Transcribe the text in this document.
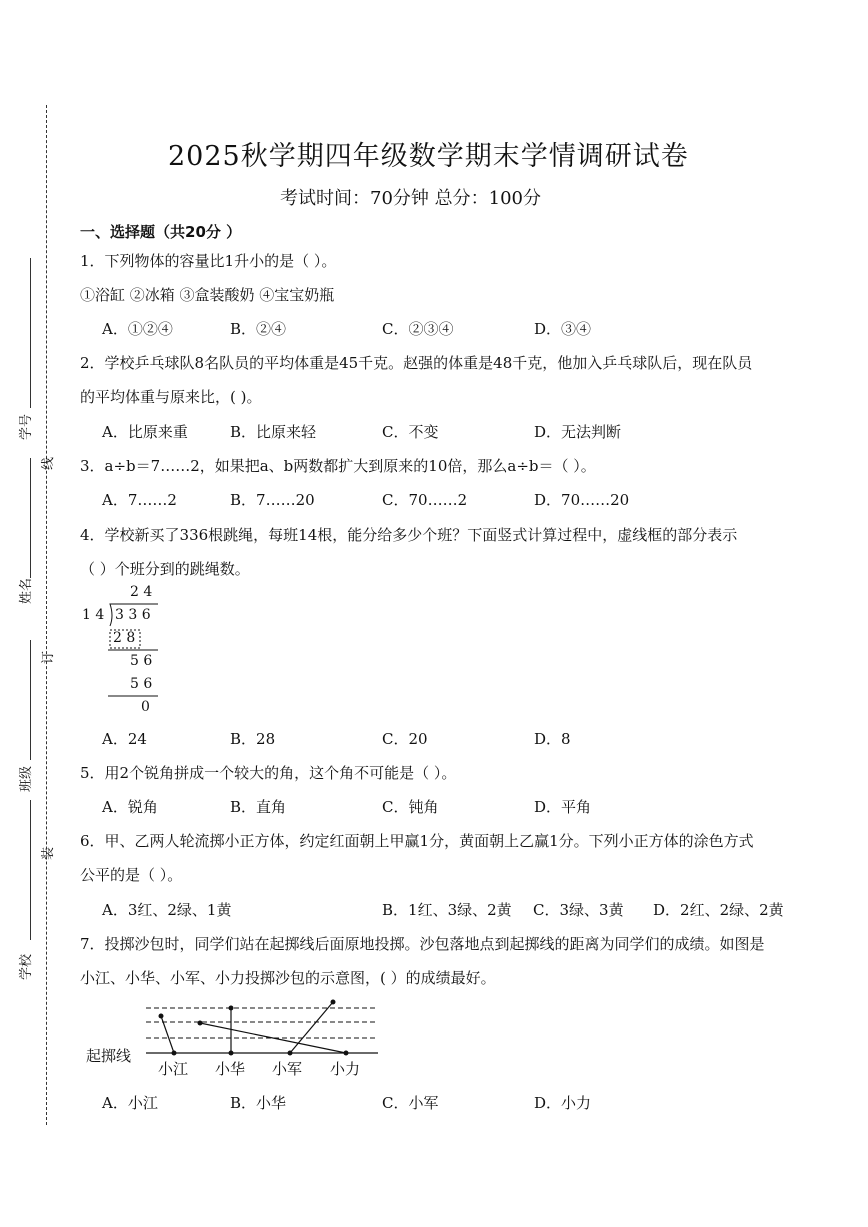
学号
线
姓名
订
班级
装
学校
2025秋学期四年级数学期末学情调研试卷
考试时间：70分钟 总分：100分
一、选择题（共20分 ）
1．下列物体的容量比1升小的是（ ）。
①浴缸 ②冰箱 ③盒装酸奶 ④宝宝奶瓶
A．①②④	B．②④	C．②③④	D．③④
2．学校乒乓球队8名队员的平均体重是45千克。赵强的体重是48千克，他加入乒乓球队后，现在队员
的平均体重与原来比，( )。
A．比原来重	B．比原来轻	C．不变	D．无法判断
3．a÷b＝7……2，如果把a、b两数都扩大到原来的10倍，那么a÷b＝（ ）。
A．7……2	B．7……20	C．70……2	D．70……20
4．学校新买了336根跳绳，每班14根，能分给多少个班？下面竖式计算过程中，虚线框的部分表示
（ ）个班分到的跳绳数。
2 4
1 4 3 3 6
2 8
5 6
5 6
0
A．24	B．28	C．20	D．8
5．用2个锐角拼成一个较大的角，这个角不可能是（ ）。
A．锐角	B．直角	C．钝角	D．平角
6．甲、乙两人轮流掷小正方体，约定红面朝上甲赢1分，黄面朝上乙赢1分。下列小正方体的涂色方式
公平的是（ ）。
A．3红、2绿、1黄	B．1红、3绿、2黄 C．3绿、3黄 D．2红、2绿、2黄
7．投掷沙包时，同学们站在起掷线后面原地投掷。沙包落地点到起掷线的距离为同学们的成绩。如图是
小江、小华、小军、小力投掷沙包的示意图，( ）的成绩最好。
起掷线
小江 小华 小军 小力
A．小江	B．小华	C．小军	D．小力
